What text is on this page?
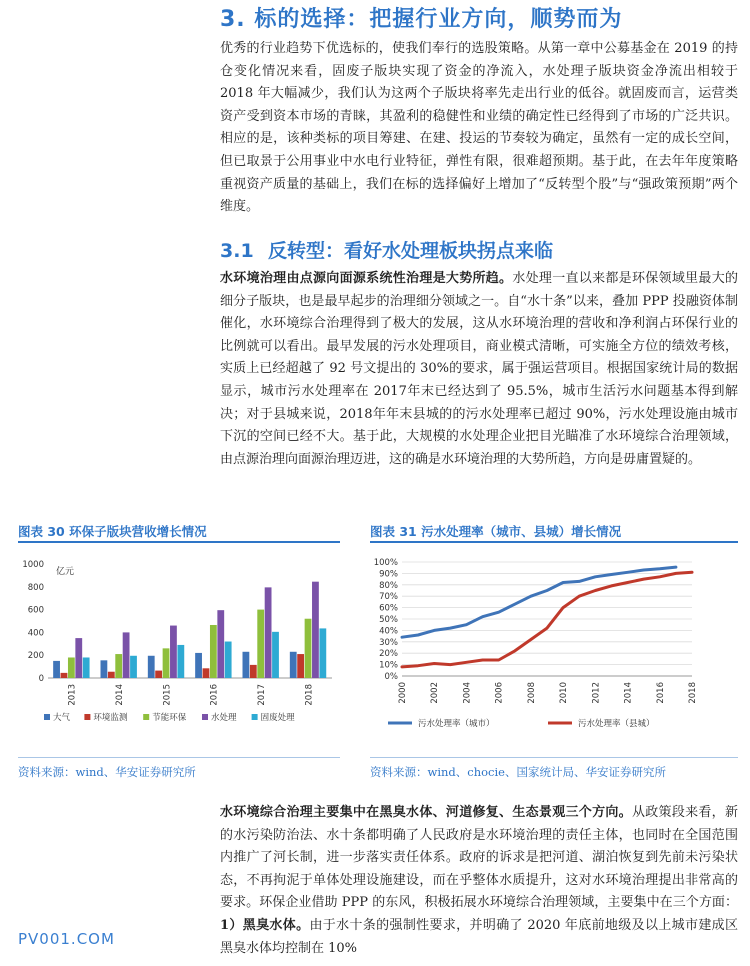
3. 标的选择：把握行业方向，顺势而为

优秀的行业趋势下优选标的，使我们奉行的选股策略。从第一章中公募基金在 2019 的持仓变化情况来看，固废子版块实现了资金的净流入，水处理子版块资金净流出相较于 2018 年大幅减少，我们认为这两个子版块将率先走出行业的低谷。就固废而言，运营类资产受到资本市场的青睐，其盈利的稳健性和业绩的确定性已经得到了市场的广泛共识。相应的是，该种类标的项目筹建、在建、投运的节奏较为确定，虽然有一定的成长空间，但已取景于公用事业中水电行业特征，弹性有限，很难超预期。基于此，在去年年度策略重视资产质量的基础上，我们在标的选择偏好上增加了“反转型个股”与“强政策预期”两个维度。

3.1 反转型：看好水处理板块拐点来临

水环境治理由点源向面源系统性治理是大势所趋。水处理一直以来都是环保领域里最大的细分子版块，也是最早起步的治理细分领域之一。自“水十条”以来，叠加 PPP 投融资体制催化，水环境综合治理得到了极大的发展，这从水环境治理的营收和净利润占环保行业的比例就可以看出。最早发展的污水处理项目，商业模式清晰，可实施全方位的绩效考核，实质上已经超越了 92 号文提出的 30%的要求，属于强运营项目。根据国家统计局的数据显示，城市污水处理率在 2017年末已经达到了 95.5%，城市生活污水问题基本得到解决；对于县城来说，2018年年末县城的的污水处理率已超过 90%，污水处理设施由城市下沉的空间已经不大。基于此，大规模的水处理企业把目光瞄准了水环境综合治理领域，由点源治理向面源治理迈进，这的确是水环境治理的大势所趋，方向是毋庸置疑的。

图表 30 环保子版块营收增长情况	图表 31 污水处理率（城市、县城）增长情况
0
200
400
600
800
1000
亿元
2013	2014	2015	2016	2017	2018
大气	环境监测	节能环保	水处理	固废处理
0%
10%
20%
30%
40%
50%
60%
70%
80%
90%
100%
2000	2002	2004	2006	2008	2010	2012	2014	2016	2018
污水处理率（城市）	污水处理率（县城）
资料来源：wind、华安证券研究所	资料来源：wind、chocie、国家统计局、华安证券研究所

水环境综合治理主要集中在黑臭水体、河道修复、生态景观三个方向。从政策段来看，新的水污染防治法、水十条都明确了人民政府是水环境治理的责任主体，也同时在全国范围内推广了河长制，进一步落实责任体系。政府的诉求是把河道、湖泊恢复到先前未污染状态，不再拘泥于单体处理设施建设，而在乎整体水质提升，这对水环境治理提出非常高的要求。环保企业借助 PPP 的东风，积极拓展水环境综合治理领域，主要集中在三个方面：1）黑臭水体。由于水十条的强制性要求，并明确了 2020 年底前地级及以上城市建成区黑臭水体均控制在 10%

PV001.COM
